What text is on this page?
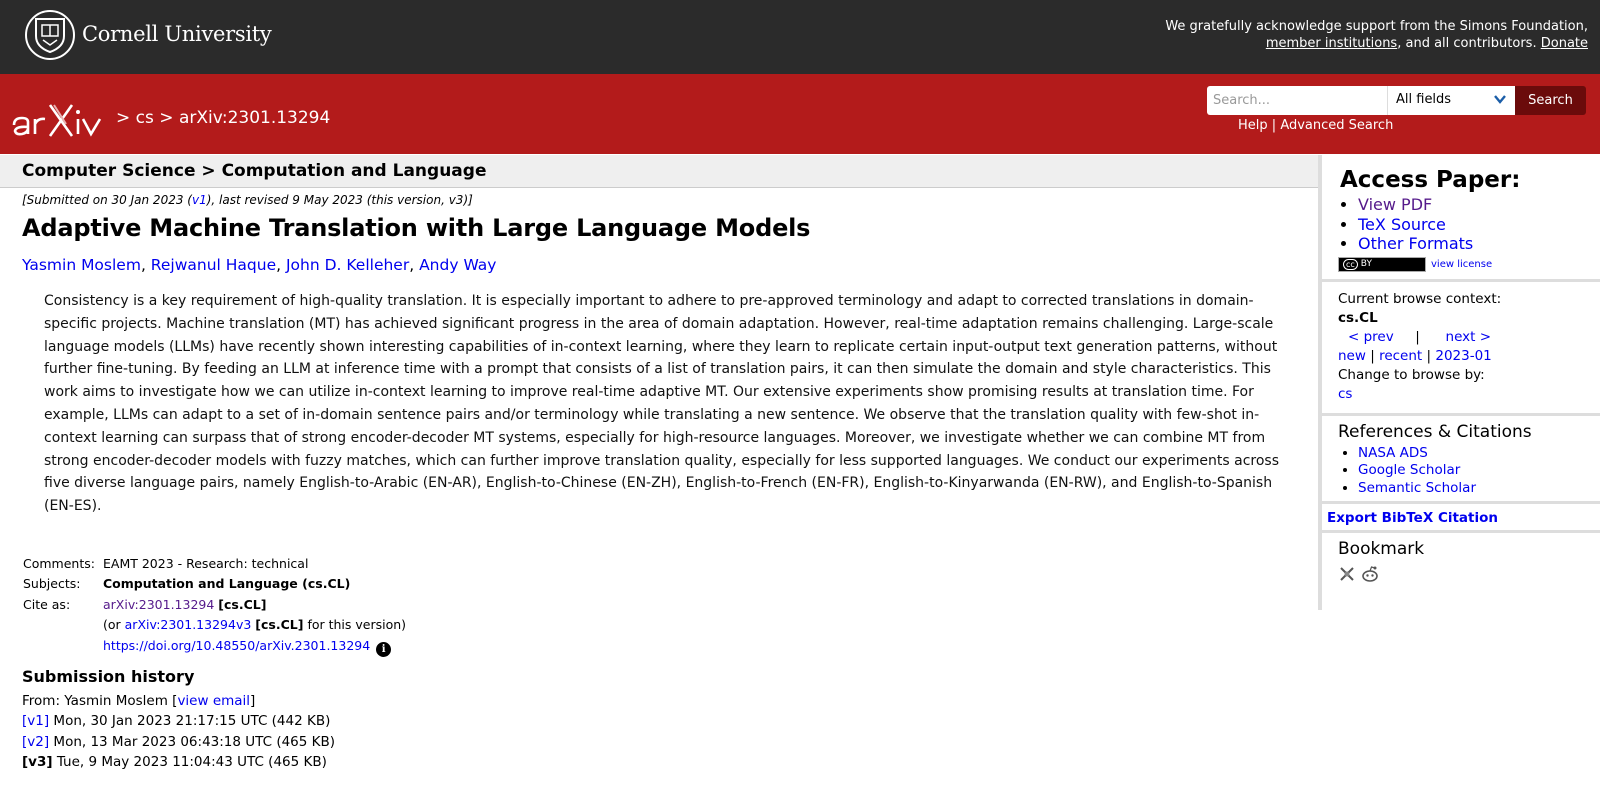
Cornell University	We gratefully acknowledge support from the Simons Foundation,
member institutions, and all contributors. Donate
> cs > arXiv:2301.13294
Search...
All fields	Search
Help | Advanced Search
Computer Science > Computation and Language
[Submitted on 30 Jan 2023 (v1), last revised 9 May 2023 (this version, v3)]
Adaptive Machine Translation with Large Language Models
Yasmin Moslem, Rejwanul Haque, John D. Kelleher, Andy Way
Consistency is a key requirement of high-quality translation. It is especially important to adhere to pre-approved terminology and adapt to corrected translations in domain-specific projects. Machine translation (MT) has achieved significant progress in the area of domain adaptation. However, real-time adaptation remains challenging. Large-scale language models (LLMs) have recently shown interesting capabilities of in-context learning, where they learn to replicate certain input-output text generation patterns, without further fine-tuning. By feeding an LLM at inference time with a prompt that consists of a list of translation pairs, it can then simulate the domain and style characteristics. This work aims to investigate how we can utilize in-context learning to improve real-time adaptive MT. Our extensive experiments show promising results at translation time. For example, LLMs can adapt to a set of in-domain sentence pairs and/or terminology while translating a new sentence. We observe that the translation quality with few-shot in-context learning can surpass that of strong encoder-decoder MT systems, especially for high-resource languages. Moreover, we investigate whether we can combine MT from strong encoder-decoder models with fuzzy matches, which can further improve translation quality, especially for less supported languages. We conduct our experiments across five diverse language pairs, namely English-to-Arabic (EN-AR), English-to-Chinese (EN-ZH), English-to-French (EN-FR), English-to-Kinyarwanda (EN-RW), and English-to-Spanish (EN-ES).
Comments: EAMT 2023 - Research: technical
Subjects:	Computation and Language (cs.CL)
Cite as:	arXiv:2301.13294 [cs.CL]
(or arXiv:2301.13294v3 [cs.CL] for this version)
https://doi.org/10.48550/arXiv.2301.13294 i
Submission history
From: Yasmin Moslem [view email]
[v1] Mon, 30 Jan 2023 21:17:15 UTC (442 KB)
[v2] Mon, 13 Mar 2023 06:43:18 UTC (465 KB)
[v3] Tue, 9 May 2023 11:04:43 UTC (465 KB)
Access Paper:
• View PDF
• TeX Source
• Other Formats
cc BY	view license
Current browse context:
cs.CL
< prev | next >
new | recent | 2023-01
Change to browse by:
cs
References & Citations
• NASA ADS
• Google Scholar
• Semantic Scholar
Export BibTeX Citation
Bookmark
